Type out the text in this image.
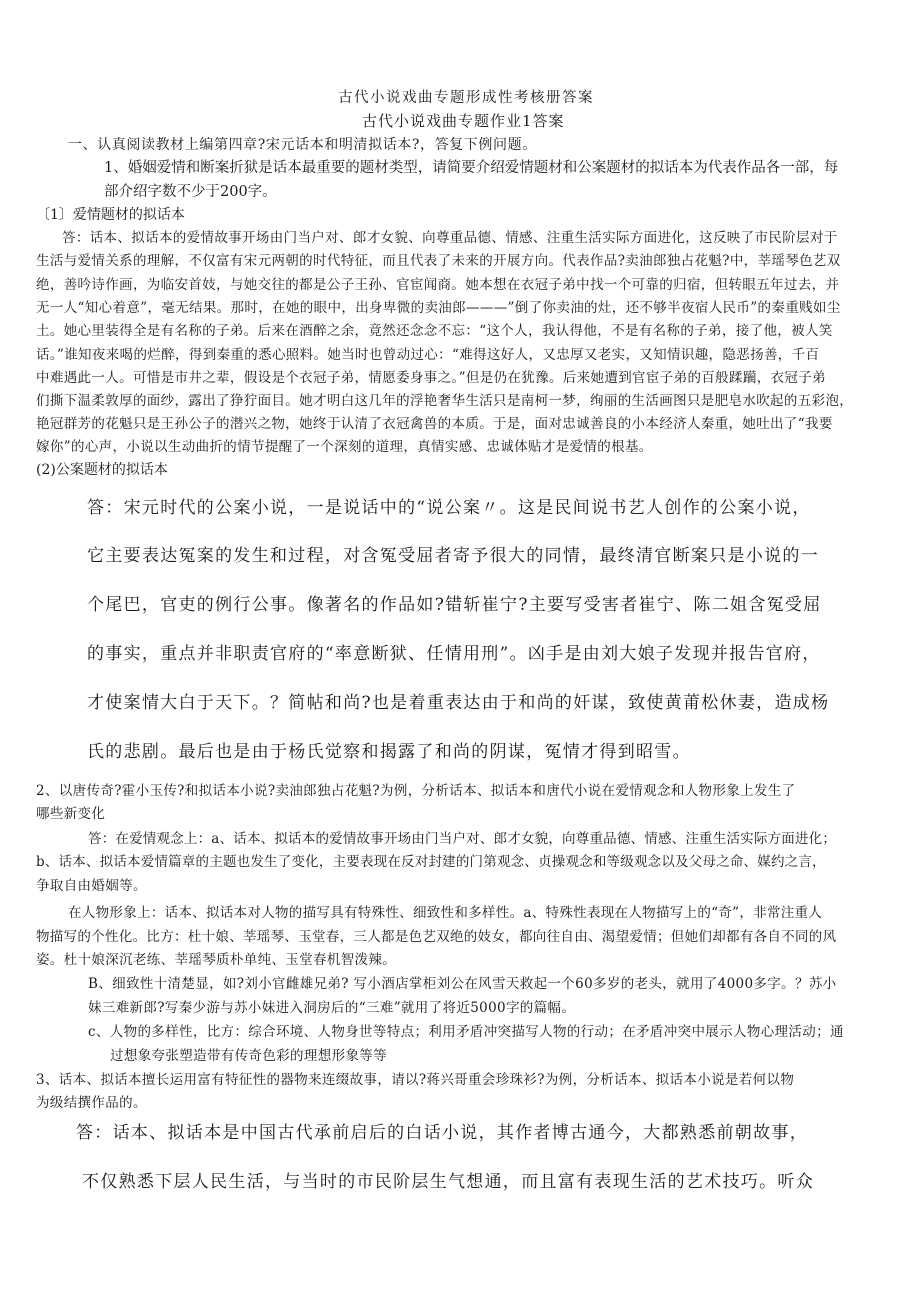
古代小说戏曲专题形成性考核册答案

古代小说戏曲专题作业1答案

一、认真阅读教材上编第四章?宋元话本和明清拟话本?，答复下例问题。

1、婚姻爱情和断案折狱是话本最重要的题材类型，请简要介绍爱情题材和公案题材的拟话本为代表作品各一部，每

部介绍字数不少于200字。

〔1〕爱情题材的拟话本

答：话本、拟话本的爱情故事开场由门当户对、郎才女貌、向尊重品德、情感、注重生活实际方面进化，这反映了市民阶层对于

生活与爱情关系的理解，不仅富有宋元两朝的时代特征，而且代表了未来的开展方向。代表作品?卖油郎独占花魁?中，莘瑶琴色艺双

绝，善吟诗作画，为临安首妓，与她交往的都是公子王孙、官宦闻商。她本想在衣冠子弟中找一个可靠的归宿，但转眼五年过去，并

无一人“知心着意”，毫无结果。那时，在她的眼中，出身卑微的卖油郎———”倒了你卖油的灶，还不够半夜宿人民币”的秦重贱如尘

土。她心里装得全是有名称的子弟。后来在酒醉之余，竟然还念念不忘：“这个人，我认得他，不是有名称的子弟，接了他，被人笑

话。”谁知夜来喝的烂醉，得到秦重的悉心照料。她当时也曾动过心：“难得这好人，又忠厚又老实，又知情识趣，隐恶扬善，千百

中难遇此一人。可惜是市井之辈，假设是个衣冠子弟，情愿委身事之。”但是仍在犹豫。后来她遭到官宦子弟的百般蹂躏，衣冠子弟

们撕下温柔敦厚的面纱，露出了狰狞面目。她才明白这几年的浮艳奢华生活只是南柯一梦，绚丽的生活画图只是肥皂水吹起的五彩泡，

艳冠群芳的花魁只是王孙公子的潜兴之物，她终于认清了衣冠禽兽的本质。于是，面对忠诚善良的小本经济人秦重，她吐出了“我要

嫁你”的心声，小说以生动曲折的情节提醒了一个深刻的道理，真情实感、忠诚体贴才是爱情的根基。

(2)公案题材的拟话本

答：宋元时代的公案小说，一是说话中的“说公案〃。这是民间说书艺人创作的公案小说，

它主要表达冤案的发生和过程，对含冤受屈者寄予很大的同情，最终清官断案只是小说的一

个尾巴，官吏的例行公事。像著名的作品如?错斩崔宁?主要写受害者崔宁、陈二姐含冤受屈

的事实，重点并非职责官府的“率意断狱、任情用刑”。凶手是由刘大娘子发现并报告官府，

才使案情大白于天下。？简帖和尚?也是着重表达由于和尚的奸谋，致使黄莆松休妻，造成杨

氏的悲剧。最后也是由于杨氏觉察和揭露了和尚的阴谋，冤情才得到昭雪。

2、以唐传奇?霍小玉传?和拟话本小说?卖油郎独占花魁?为例，分析话本、拟话本和唐代小说在爱情观念和人物形象上发生了

哪些新变化

答：在爱情观念上：a、话本、拟话本的爱情故事开场由门当户对、郎才女貌，向尊重品德、情感、注重生活实际方面进化；

b、话本、拟话本爱情篇章的主题也发生了变化，主要表现在反对封建的门第观念、贞操观念和等级观念以及父母之命、媒约之言，

争取自由婚姻等。

在人物形象上：话本、拟话本对人物的描写具有特殊性、细致性和多样性。a、特殊性表现在人物描写上的“奇”，非常注重人

物描写的个性化。比方：杜十娘、莘瑶琴、玉堂春，三人都是色艺双绝的妓女，都向往自由、渴望爱情；但她们却都有各自不同的风

姿。杜十娘深沉老练、莘瑶琴质朴单纯、玉堂春机智泼辣。

B、细致性十清楚显，如?刘小官雌雄兄弟? 写小酒店掌柜刘公在风雪天救起一个60多岁的老头，就用了4000多字。？苏小

妹三难新郎?写秦少游与苏小妹进入洞房后的“三难”就用了将近5000字的篇幅。

c、人物的多样性，比方：综合环境、人物身世等特点；利用矛盾冲突描写人物的行动；在矛盾冲突中展示人物心理活动；通

过想象夸张塑造带有传奇色彩的理想形象等等

3、话本、拟话本擅长运用富有特征性的器物来连缀故事，请以?蒋兴哥重会珍珠衫?为例，分析话本、拟话本小说是若何以物

为级结撰作品的。

答：话本、拟话本是中国古代承前启后的白话小说，其作者博古通今，大都熟悉前朝故事，

不仅熟悉下层人民生活，与当时的市民阶层生气想通，而且富有表现生活的艺术技巧。听众
